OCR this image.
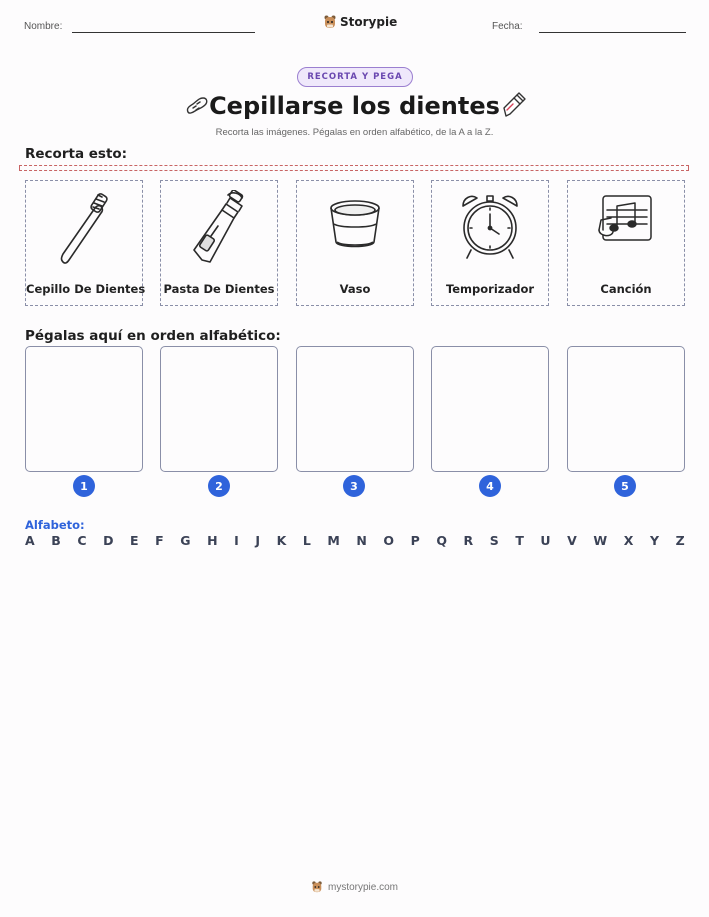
Nombre:	Storypie	Fecha:
RECORTA Y PEGA
Cepillarse los dientes
Recorta las imágenes. Pégalas en orden alfabético, de la A a la Z.
Recorta esto:
Cepillo De Dientes Pasta De Dientes	Vaso	Temporizador	Canción
Pégalas aquí en orden alfabético:
1	2	3	4	5
Alfabeto:
A B C D E F G H I J K L M N O P Q R S T U V W X Y Z
mystorypie.com
